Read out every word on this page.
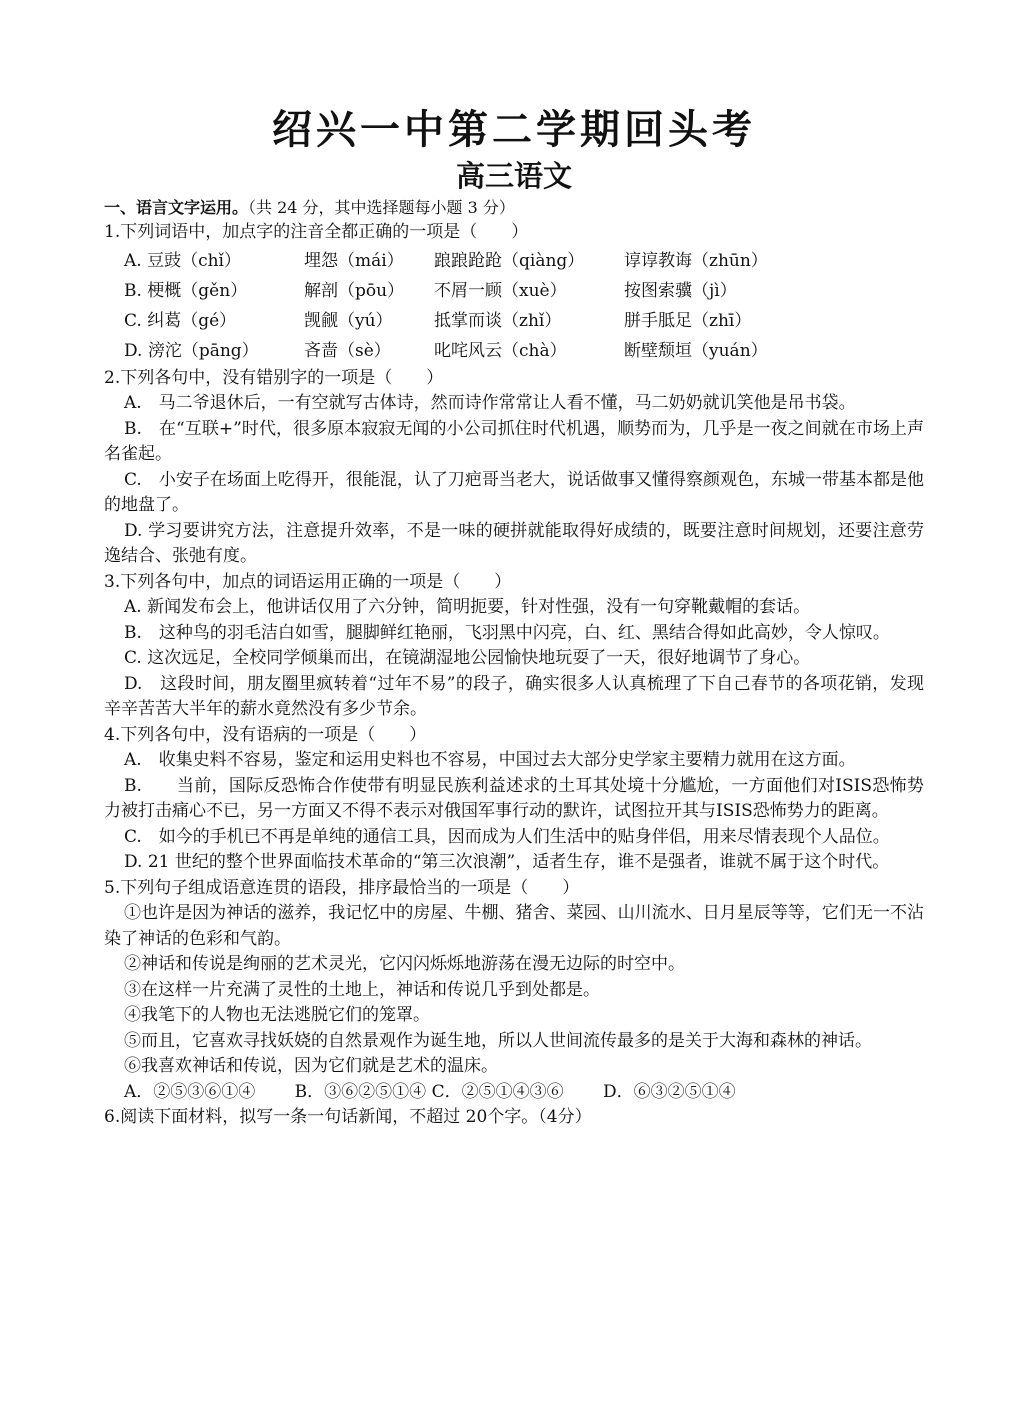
绍兴一中第二学期回头考
高三语文
一、语言文字运用。（共 24 分，其中选择题每小题 3 分）
1.下列词语中，加点字的注音全都正确的一项是（　　）
A. 豆豉（chǐ）	埋怨（mái）	踉踉跄跄（qiàng）	谆谆教诲（zhūn）
B. 梗概（gěn）	解剖（pōu）	不屑一顾（xuè）	按图索骥（jì）
C. 纠葛（gé）	觊觎（yú）	抵掌而谈（zhǐ）	胼手胝足（zhī）
D. 滂沱（pāng）	吝啬（sè）	叱咤风云（chà）	断壁颓垣（yuán）
2.下列各句中，没有错别字的一项是（　　）
A.　马二爷退休后，一有空就写古体诗，然而诗作常常让人看不懂，马二奶奶就讥笑他是吊书袋。
B.　在“互联+”时代，很多原本寂寂无闻的小公司抓住时代机遇，顺势而为，几乎是一夜之间就在市场上声名雀起。
C.　小安子在场面上吃得开，很能混，认了刀疤哥当老大，说话做事又懂得察颜观色，东城一带基本都是他的地盘了。
D. 学习要讲究方法，注意提升效率，不是一味的硬拼就能取得好成绩的，既要注意时间规划，还要注意劳逸结合、张弛有度。
3.下列各句中，加点的词语运用正确的一项是（　　）
A. 新闻发布会上，他讲话仅用了六分钟，简明扼要，针对性强，没有一句穿靴戴帽的套话。
B.　这种鸟的羽毛洁白如雪，腿脚鲜红艳丽，飞羽黑中闪亮，白、红、黑结合得如此高妙，令人惊叹。
C. 这次远足，全校同学倾巢而出，在镜湖湿地公园愉快地玩耍了一天，很好地调节了身心。
D.　这段时间，朋友圈里疯转着“过年不易”的段子，确实很多人认真梳理了下自己春节的各项花销，发现辛辛苦苦大半年的薪水竟然没有多少节余。
4.下列各句中，没有语病的一项是（　　）
A.　收集史料不容易，鉴定和运用史料也不容易，中国过去大部分史学家主要精力就用在这方面。
B.　　当前，国际反恐怖合作使带有明显民族利益述求的土耳其处境十分尴尬，一方面他们对ISIS恐怖势力被打击痛心不已，另一方面又不得不表示对俄国军事行动的默许，试图拉开其与ISIS恐怖势力的距离。
C.　如今的手机已不再是单纯的通信工具，因而成为人们生活中的贴身伴侣，用来尽情表现个人品位。
D. 21 世纪的整个世界面临技术革命的“第三次浪潮”，适者生存，谁不是强者，谁就不属于这个时代。
5.下列句子组成语意连贯的语段，排序最恰当的一项是（　　）
①也许是因为神话的滋养，我记忆中的房屋、牛棚、猪舍、菜园、山川流水、日月星辰等等，它们无一不沾染了神话的色彩和气韵。
②神话和传说是绚丽的艺术灵光，它闪闪烁烁地游荡在漫无边际的时空中。
③在这样一片充满了灵性的土地上，神话和传说几乎到处都是。
④我笔下的人物也无法逃脱它们的笼罩。
⑤而且，它喜欢寻找妖娆的自然景观作为诞生地，所以人世间流传最多的是关于大海和森林的神话。
⑥我喜欢神话和传说，因为它们就是艺术的温床。
A．②⑤③⑥①④　　 B．③⑥②⑤①④ C．②⑤①④③⑥　　 D．⑥③②⑤①④
6.阅读下面材料，拟写一条一句话新闻，不超过 20个字。（4分）
